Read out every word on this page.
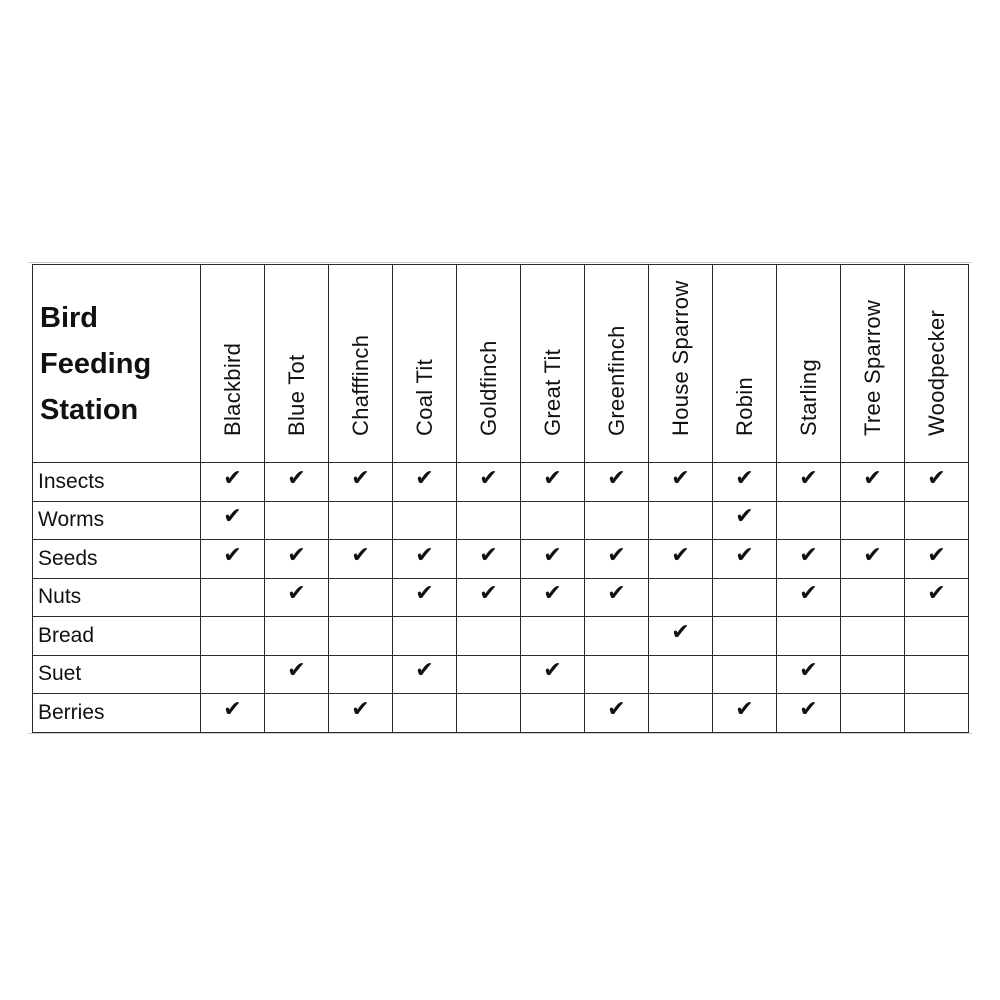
Bird
Feeding
Station	Blackbird	Blue Tot	Chafffinch	Coal Tit	Goldfinch	Great Tit	Greenfinch	House Sparrow	Robin	Starling	Tree Sparrow	Woodpecker

Insects	✔	✔	✔	✔	✔	✔	✔	✔	✔	✔	✔	✔
Worms	✔								✔			
Seeds	✔	✔	✔	✔	✔	✔	✔	✔	✔	✔	✔	✔
Nuts		✔		✔	✔	✔	✔			✔		✔
Bread								✔				
Suet		✔		✔		✔				✔		
Berries	✔		✔				✔		✔	✔		
